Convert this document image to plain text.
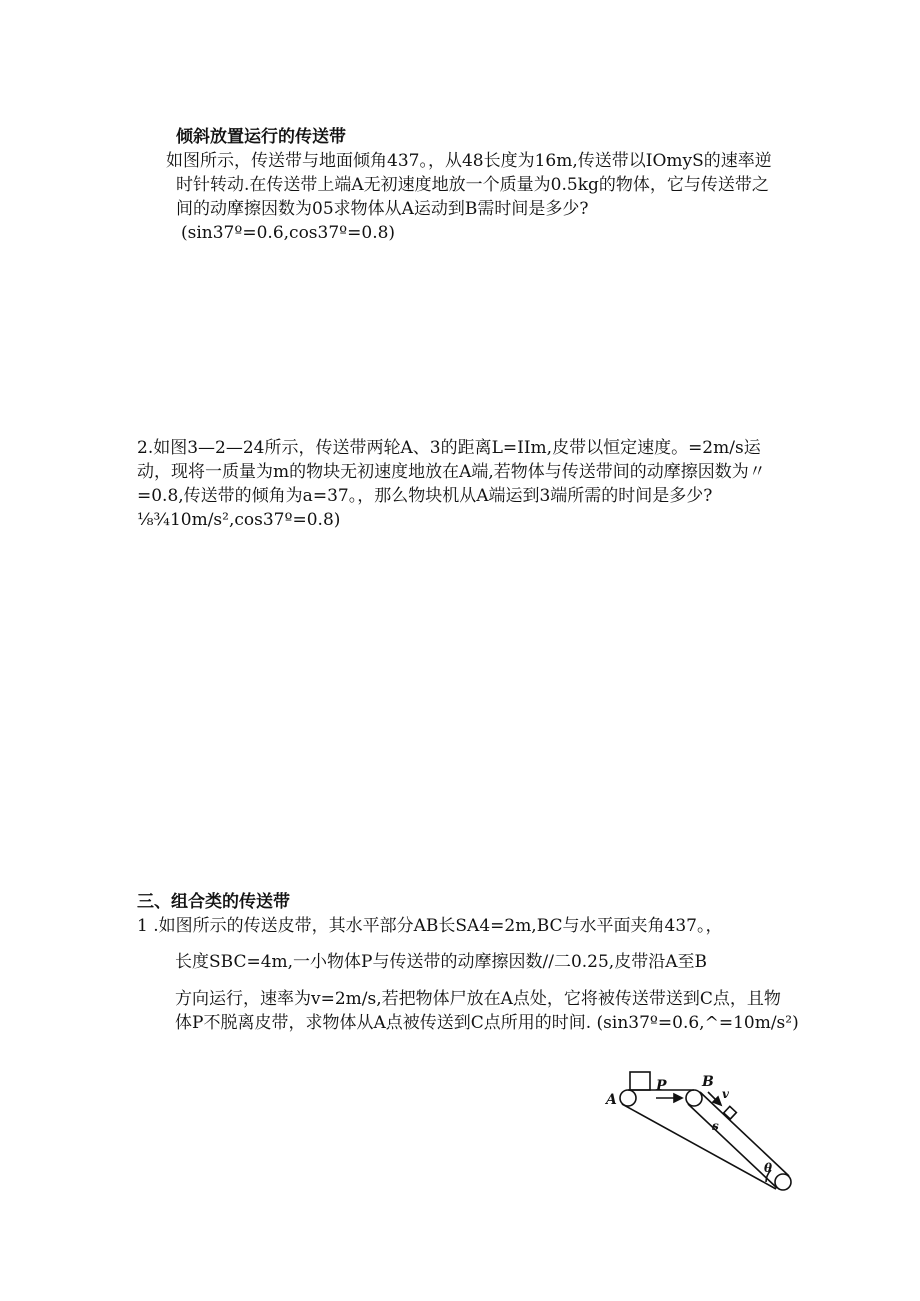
倾斜放置运行的传送带
如图所示，传送带与地面倾角437。，从48长度为16m,传送带以IOmyS的速率逆
时针转动.在传送带上端A无初速度地放一个质量为0.5kg的物体，它与传送带之
间的动摩擦因数为05求物体从A运动到B需时间是多少?
(sin37º=0.6,cos37º=0.8)
2.如图3—2—24所示，传送带两轮A、3的距离L=IIm,皮带以恒定速度。=2m/s运
动，现将一质量为m的物块无初速度地放在A端,若物体与传送带间的动摩擦因数为〃
=0.8,传送带的倾角为a=37。，那么物块机从A端运到3端所需的时间是多少?
⅛¾10m∕s²,cos37º=0.8)
三、组合类的传送带
1 .如图所示的传送皮带，其水平部分AB长SA4=2m,BC与水平面夹角437。，
长度SBC=4m,一小物体P与传送带的动摩擦因数//二0.25,皮带沿A至B
方向运行，速率为v=2m∕s,若把物体尸放在A点处，它将被传送带送到C点，且物
体P不脱离皮带，求物体从A点被传送到C点所用的时间. (sin37º=0.6,^=10m∕s²)
A
P	B
v
s
θ
